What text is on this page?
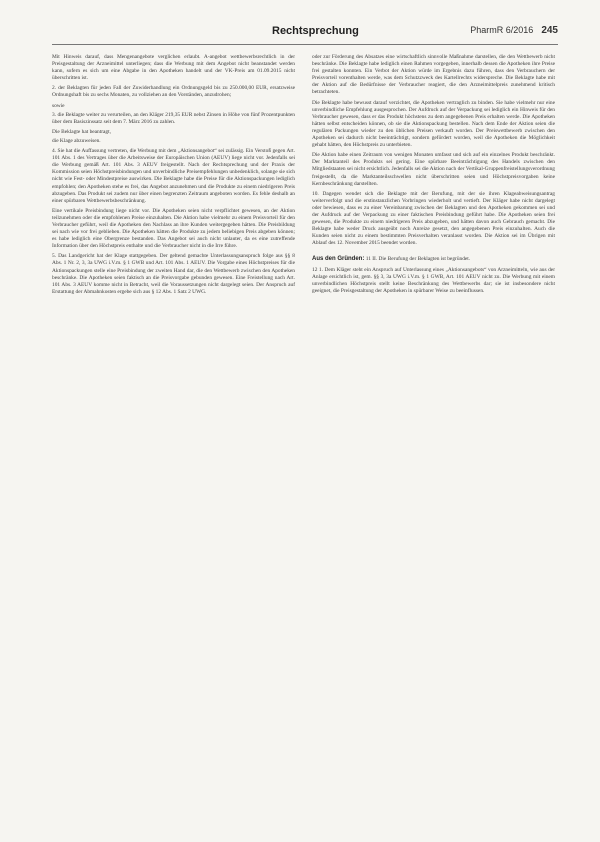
Rechtsprechung	PharmR 6/2016 245

Mit Hinweis darauf, dass Mengenangebote verglichen erlaubt. A-angebot wettbewerbsrechtlich in der Preisgestaltung der Arzneimittel unterliegen; dass die Werbung mit dem Angebot nicht beanstandet werden kann, sofern es sich um eine Abgabe in den Apotheken handelt und der VK-Preis am 01.09.2015 nicht überschritten ist.

2. der Beklagten für jeden Fall der Zuwiderhandlung ein Ordnungsgeld bis zu 250.000,00 EUR, ersatzweise Ordnungshaft bis zu sechs Monaten, zu vollziehen an den Vorständen, anzudrohen;

sowie

3. die Beklagte weiter zu verurteilen, an den Kläger 219,35 EUR nebst Zinsen in Höhe von fünf Prozentpunkten über dem Basiszinssatz seit dem 7. März 2016 zu zahlen.

Die Beklagte hat beantragt,

die Klage abzuweisen.

4. Sie hat die Auffassung vertreten, die Werbung mit dem „Aktionsangebot“ sei zulässig. Ein Verstoß gegen Art. 101 Abs. 1 des Vertrages über die Arbeitsweise der Europäischen Union (AEUV) liege nicht vor. Jedenfalls sei die Werbung gemäß Art. 101 Abs. 3 AEUV freigestellt. Nach der Rechtsprechung und der Praxis der Kommission seien Höchstpreisbindungen und unverbindliche Preisempfehlungen unbedenklich, solange sie sich nicht wie Fest- oder Mindestpreise auswirken. Die Beklagte habe die Preise für die Aktionspackungen lediglich empfohlen; den Apotheken stehe es frei, das Angebot anzunehmen und die Produkte zu einem niedrigeren Preis abzugeben. Das Produkt sei zudem nur über einen begrenzten Zeitraum angeboten worden. Es fehle deshalb an einer spürbaren Wettbewerbsbeschränkung.

Eine vertikale Preisbindung liege nicht vor. Die Apotheken seien nicht verpflichtet gewesen, an der Aktion teilzunehmen oder die empfohlenen Preise einzuhalten. Die Aktion habe vielmehr zu einem Preisvorteil für den Verbraucher geführt, weil die Apotheken den Nachlass an ihre Kunden weitergegeben hätten. Die Preisbildung sei nach wie vor frei geblieben. Die Apotheken hätten die Produkte zu jedem beliebigen Preis abgeben können; es habe lediglich eine Obergrenze bestanden. Das Angebot sei auch nicht unlauter, da es eine zutreffende Information über den Höchstpreis enthalte und die Verbraucher nicht in die Irre führe.

5. Das Landgericht hat der Klage stattgegeben. Der geltend gemachte Unterlassungsanspruch folge aus §§ 8 Abs. 1 Nr. 2, 3, 3a UWG i.V.m. § 1 GWB und Art. 101 Abs. 1 AEUV. Die Vorgabe eines Höchstpreises für die Aktionspackungen stelle eine Preisbindung der zweiten Hand dar, die den Wettbewerb zwischen den Apotheken beschränke. Die Apotheken seien faktisch an die Preisvorgabe gebunden gewesen. Eine Freistellung nach Art. 101 Abs. 3 AEUV komme nicht in Betracht, weil die Voraussetzungen nicht dargelegt seien. Der Anspruch auf Erstattung der Abmahnkosten ergebe sich aus § 12 Abs. 1 Satz 2 UWG.

oder zur Förderung des Absatzes eine wirtschaftlich sinnvolle Maßnahme darstellen, die den Wettbewerb nicht beschränke. Die Beklagte habe lediglich einen Rahmen vorgegeben, innerhalb dessen die Apotheken ihre Preise frei gestalten konnten. Ein Verbot der Aktion würde im Ergebnis dazu führen, dass den Verbrauchern der Preisvorteil vorenthalten werde, was dem Schutzzweck des Kartellrechts widerspreche. Die Beklagte habe mit der Aktion auf die Bedürfnisse der Verbraucher reagiert, die den Arzneimittelpreis zunehmend kritisch betrachteten.

Die Beklagte habe bewusst darauf verzichtet, die Apotheken vertraglich zu binden. Sie habe vielmehr nur eine unverbindliche Empfehlung ausgesprochen. Der Aufdruck auf der Verpackung sei lediglich ein Hinweis für den Verbraucher gewesen, dass er das Produkt höchstens zu dem angegebenen Preis erhalten werde. Die Apotheken hätten selbst entscheiden können, ob sie die Aktionspackung bestellen. Nach dem Ende der Aktion seien die regulären Packungen wieder zu den üblichen Preisen verkauft worden. Der Preiswettbewerb zwischen den Apotheken sei dadurch nicht beeinträchtigt, sondern gefördert worden, weil die Apotheken die Möglichkeit gehabt hätten, den Höchstpreis zu unterbieten.

Die Aktion habe einen Zeitraum von wenigen Monaten umfasst und sich auf ein einzelnes Produkt beschränkt. Der Marktanteil des Produkts sei gering. Eine spürbare Beeinträchtigung des Handels zwischen den Mitgliedstaaten sei nicht ersichtlich. Jedenfalls sei die Aktion nach der Vertikal-Gruppenfreistellungsverordnung freigestellt, da die Marktanteilsschwellen nicht überschritten seien und Höchstpreisvorgaben keine Kernbeschränkung darstellten.

10. Dagegen wendet sich die Beklagte mit der Berufung, mit der sie ihren Klageabweisungsantrag weiterverfolgt und die erstinstanzlichen Vorbringen wiederholt und vertieft. Der Kläger habe nicht dargelegt oder bewiesen, dass es zu einer Vereinbarung zwischen der Beklagten und den Apotheken gekommen sei und der Aufdruck auf der Verpackung zu einer faktischen Preisbindung geführt habe. Die Apotheken seien frei gewesen, die Produkte zu einem niedrigeren Preis abzugeben, und hätten davon auch Gebrauch gemacht. Die Beklagte habe weder Druck ausgeübt noch Anreize gesetzt, den angegebenen Preis einzuhalten. Auch die Kunden seien nicht zu einem bestimmten Preisverhalten veranlasst worden. Die Aktion sei im Übrigen mit Ablauf des 12. November 2015 beendet worden.

Aus den Gründen: 11 II. Die Berufung der Beklagten ist begründet.

12 1. Dem Kläger steht ein Anspruch auf Unterlassung eines „Aktionsangebots“ von Arzneimitteln, wie aus der Anlage ersichtlich ist, gem. §§ 3, 3a UWG i.V.m. § 1 GWB, Art. 101 AEUV nicht zu. Die Werbung mit einem unverbindlichen Höchstpreis stellt keine Beschränkung des Wettbewerbs dar; sie ist insbesondere nicht geeignet, die Preisgestaltung der Apotheken in spürbarer Weise zu beeinflussen.
